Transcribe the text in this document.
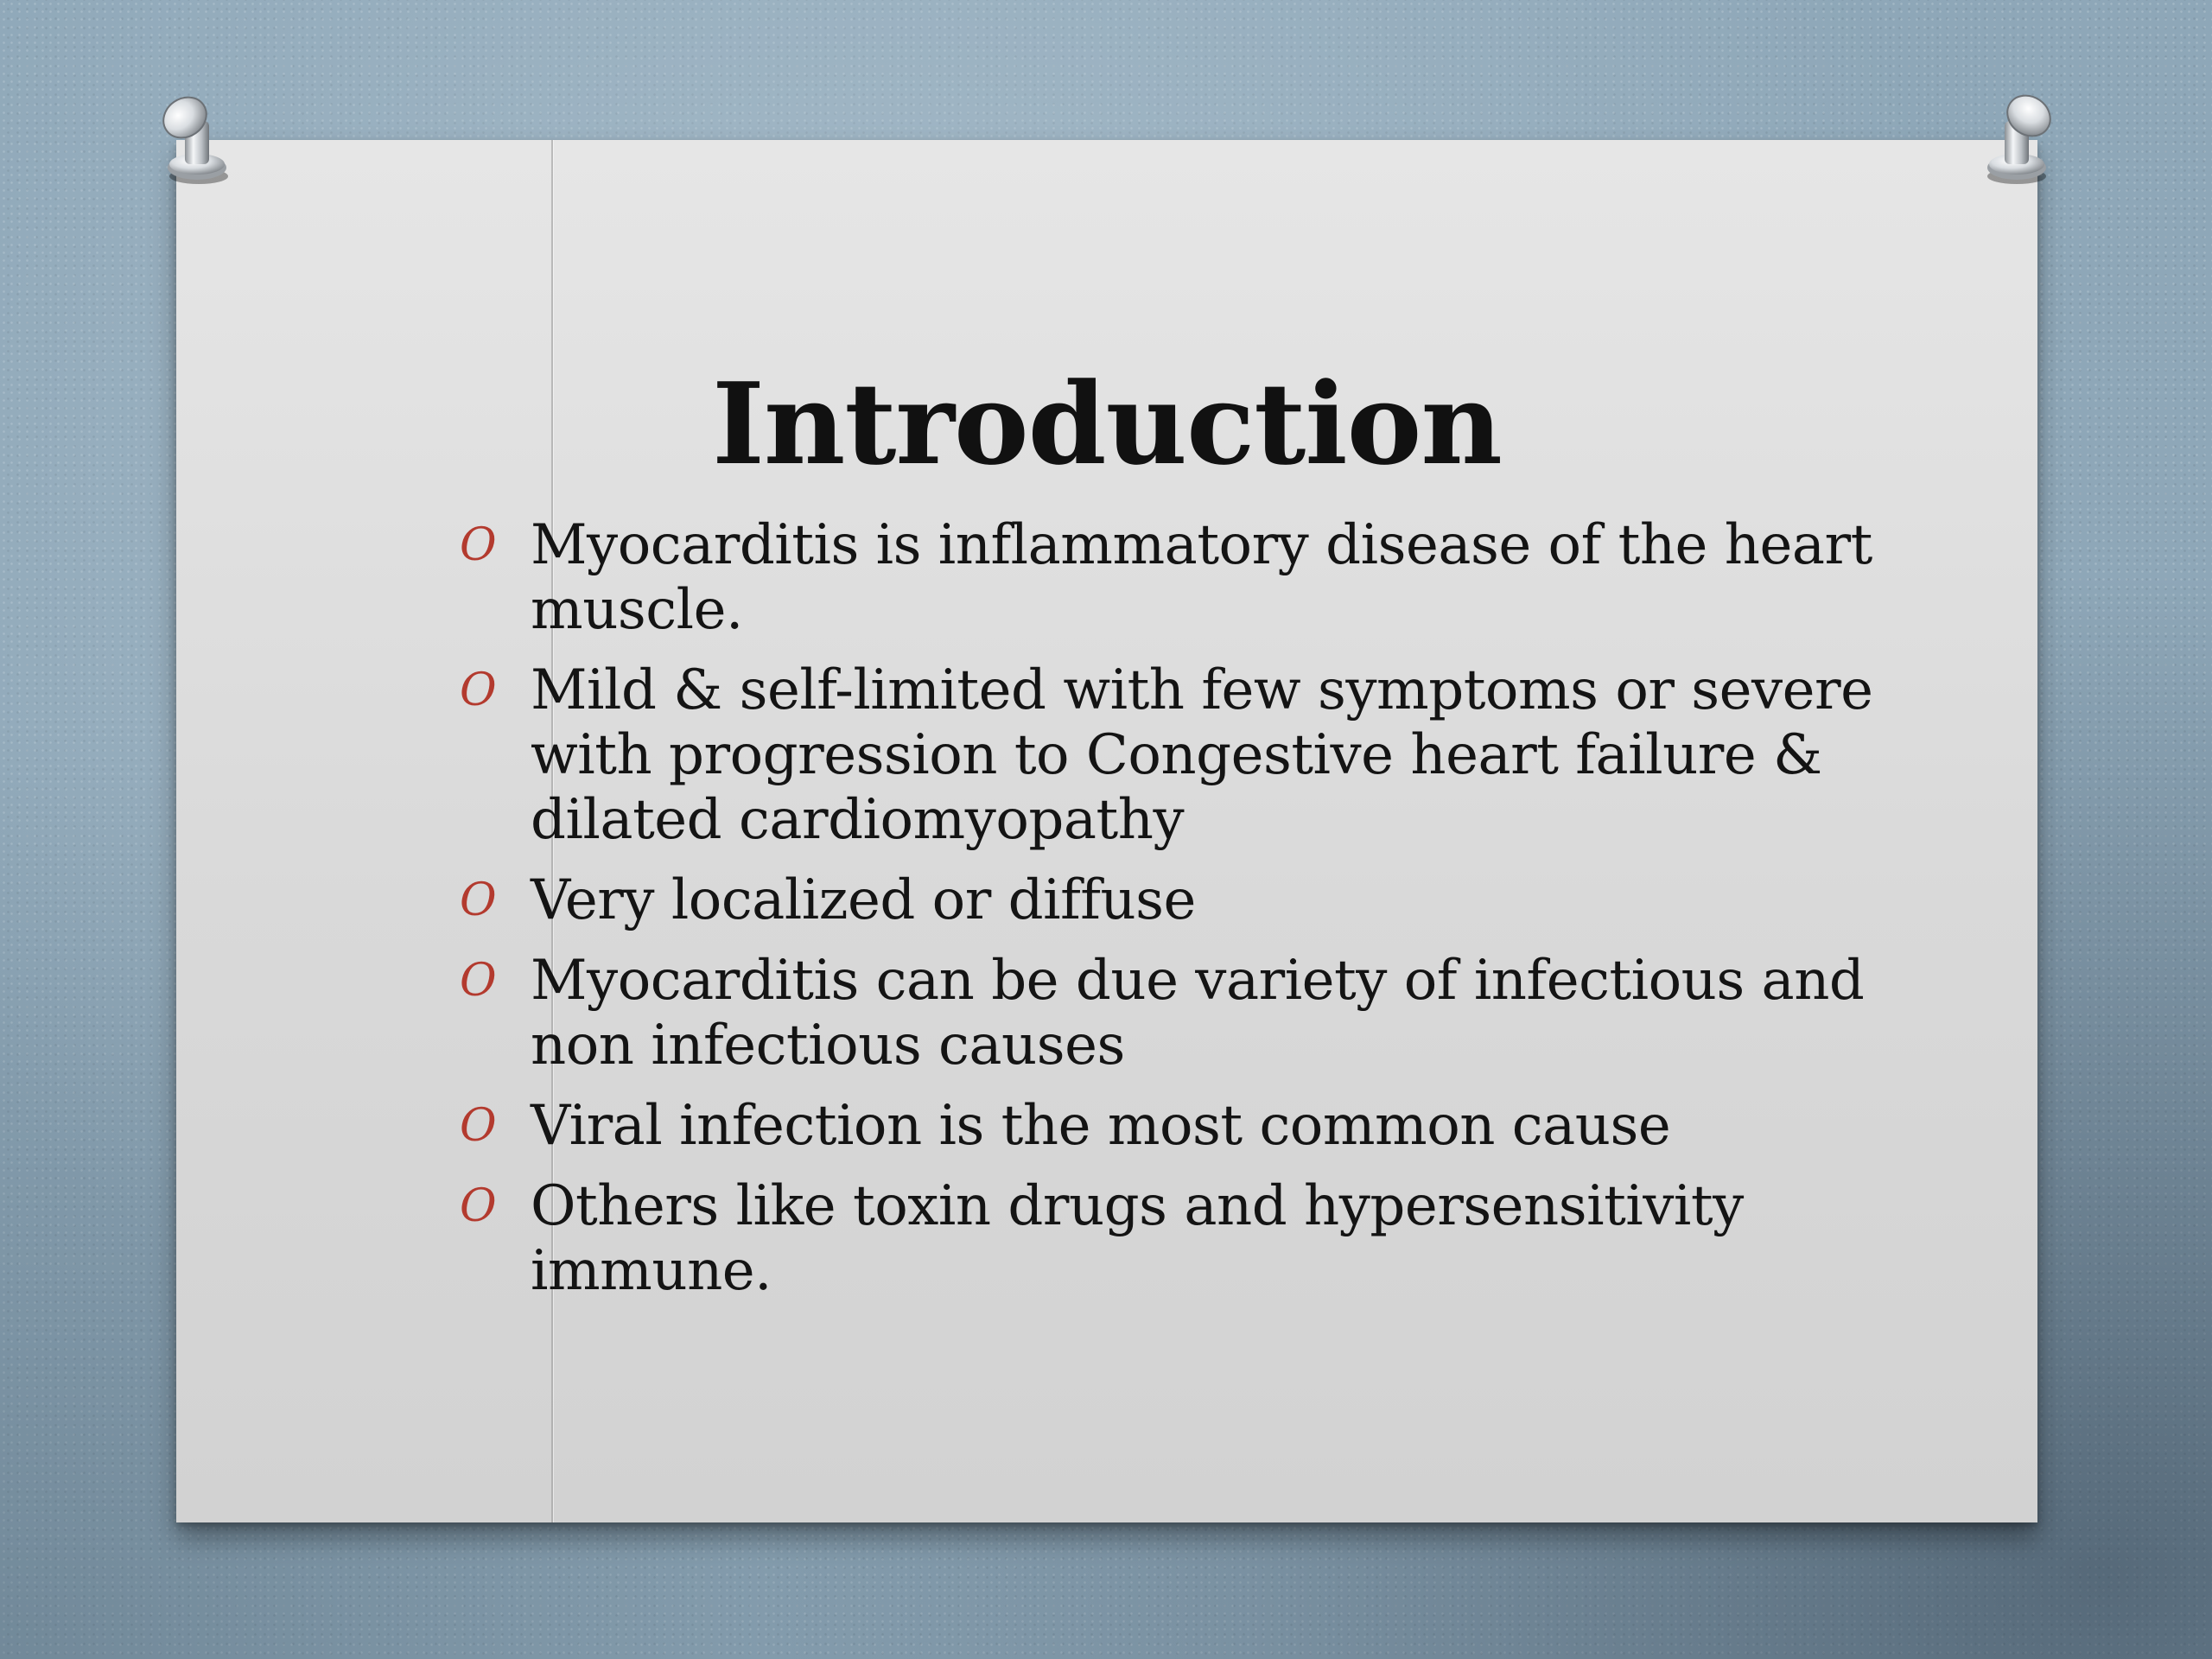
Introduction
O Myocarditis is inflammatory disease of the heart muscle.
O Mild & self-limited with few symptoms or severe with progression to Congestive heart failure & dilated cardiomyopathy
O Very localized or diffuse
O Myocarditis can be due variety of infectious and non infectious causes
O Viral infection is the most common cause
O Others like toxin drugs and hypersensitivity immune.
